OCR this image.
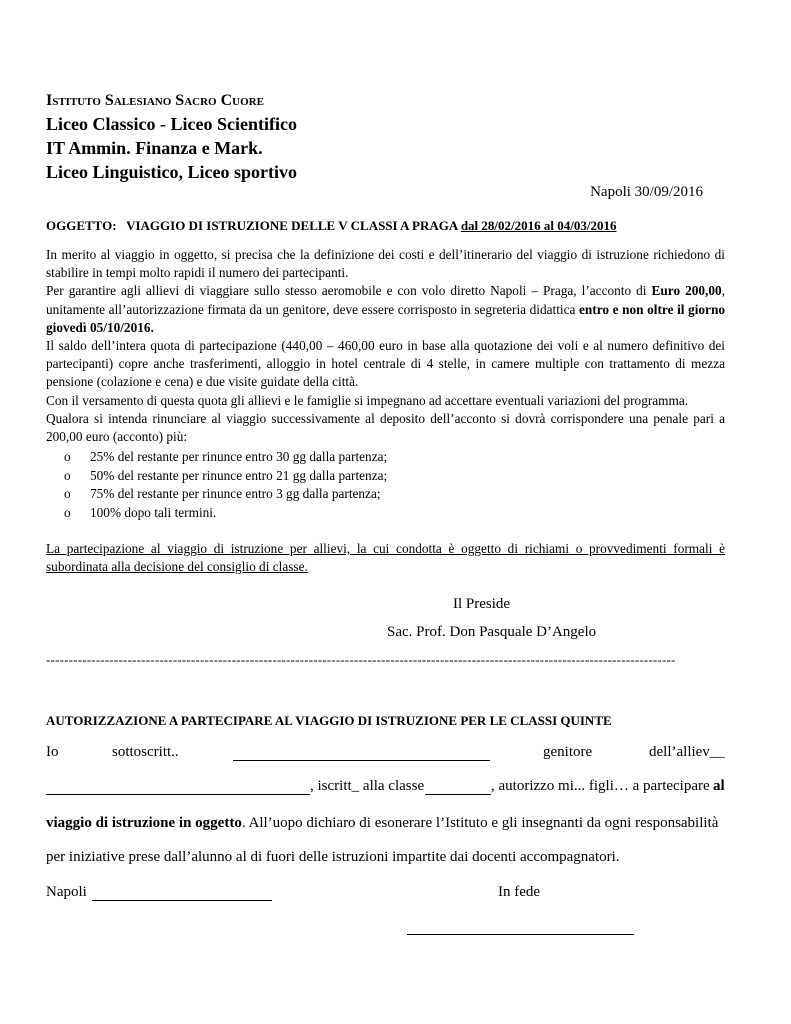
Istituto Salesiano Sacro Cuore
Liceo Classico - Liceo Scientifico
IT Ammin. Finanza e Mark.
Liceo Linguistico, Liceo sportivo
Napoli 30/09/2016
OGGETTO: VIAGGIO DI ISTRUZIONE DELLE V CLASSI A PRAGA dal 28/02/2016 al 04/03/2016

In merito al viaggio in oggetto, si precisa che la definizione dei costi e dell’itinerario del viaggio di istruzione richiedono di stabilire in tempi molto rapidi il numero dei partecipanti.

Per garantire agli allievi di viaggiare sullo stesso aeromobile e con volo diretto Napoli – Praga, l’acconto di Euro 200,00, unitamente all’autorizzazione firmata da un genitore, deve essere corrisposto in segreteria didattica entro e non oltre il giorno giovedì 05/10/2016.

Il saldo dell’intera quota di partecipazione (440,00 – 460,00 euro in base alla quotazione dei voli e al numero definitivo dei partecipanti) copre anche trasferimenti, alloggio in hotel centrale di 4 stelle, in camere multiple con trattamento di mezza pensione (colazione e cena) e due visite guidate della città.

Con il versamento di questa quota gli allievi e le famiglie si impegnano ad accettare eventuali variazioni del programma.

Qualora si intenda rinunciare al viaggio successivamente al deposito dell’acconto si dovrà corrispondere una penale pari a 200,00 euro (acconto) più:

o 25% del restante per rinunce entro 30 gg dalla partenza;
o 50% del restante per rinunce entro 21 gg dalla partenza;
o 75% del restante per rinunce entro 3 gg dalla partenza;
o 100% dopo tali termini.
La partecipazione al viaggio di istruzione per allievi, la cui condotta è oggetto di richiami o provvedimenti formali è subordinata alla decisione del consiglio di classe.
Il Preside
Sac. Prof. Don Pasquale D’Angelo
-------------------------------------------------------------------------------------------------------------------------------------------
AUTORIZZAZIONE A PARTECIPARE AL VIAGGIO DI ISTRUZIONE PER LE CLASSI QUINTE
Io	sottoscritt..	genitore	dell’alliev__
, iscritt_ alla classe	, autorizzo mi... figli… a partecipare al
viaggio di istruzione in oggetto. All’uopo dichiaro di esonerare l’Istituto e gli insegnanti da ogni responsabilità
per iniziative prese dall’alunno al di fuori delle istruzioni impartite dai docenti accompagnatori.
Napoli	In fede
